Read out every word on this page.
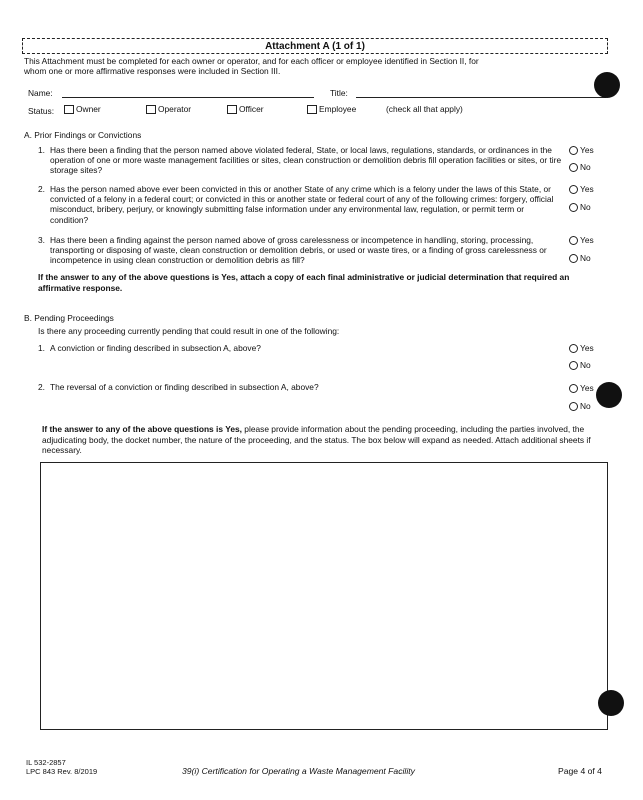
Attachment A (1 of 1)
This Attachment must be completed for each owner or operator, and for each officer or employee identified in Section II, for whom one or more affirmative responses were included in Section III.
Name:	Title:
Status:	Owner	Operator	Officer	Employee	(check all that apply)
A. Prior Findings or Convictions
1. Has there been a finding that the person named above violated federal, State, or local laws, regulations, standards, or ordinances in the operation of one or more waste management facilities or sites, clean construction or demolition debris fill operation facilities or sites, or tire storage sites?
Yes
No
2. Has the person named above ever been convicted in this or another State of any crime which is a felony under the laws of this State, or convicted of a felony in a federal court; or convicted in this or another state or federal court of any of the following crimes: forgery, official misconduct, bribery, perjury, or knowingly submitting false information under any environmental law, regulation, or permit term or condition?
Yes
No
3. Has there been a finding against the person named above of gross carelessness or incompetence in handling, storing, processing, transporting or disposing of waste, clean construction or demolition debris, or used or waste tires, or a finding of gross carelessness or incompetence in using clean construction or demolition debris as fill?
Yes
No
If the answer to any of the above questions is Yes, attach a copy of each final administrative or judicial determination that required an affirmative response.
B. Pending Proceedings
Is there any proceeding currently pending that could result in one of the following:
1. A conviction or finding described in subsection A, above?	Yes
No
2. The reversal of a conviction or finding described in subsection A, above?	Yes
No
If the answer to any of the above questions is Yes, please provide information about the pending proceeding, including the parties involved, the adjudicating body, the docket number, the nature of the proceeding, and the status. The box below will expand as needed. Attach additional sheets if necessary.
IL 532-2857
LPC 843 Rev. 8/2019	39(i) Certification for Operating a Waste Management Facility	Page 4 of 4
